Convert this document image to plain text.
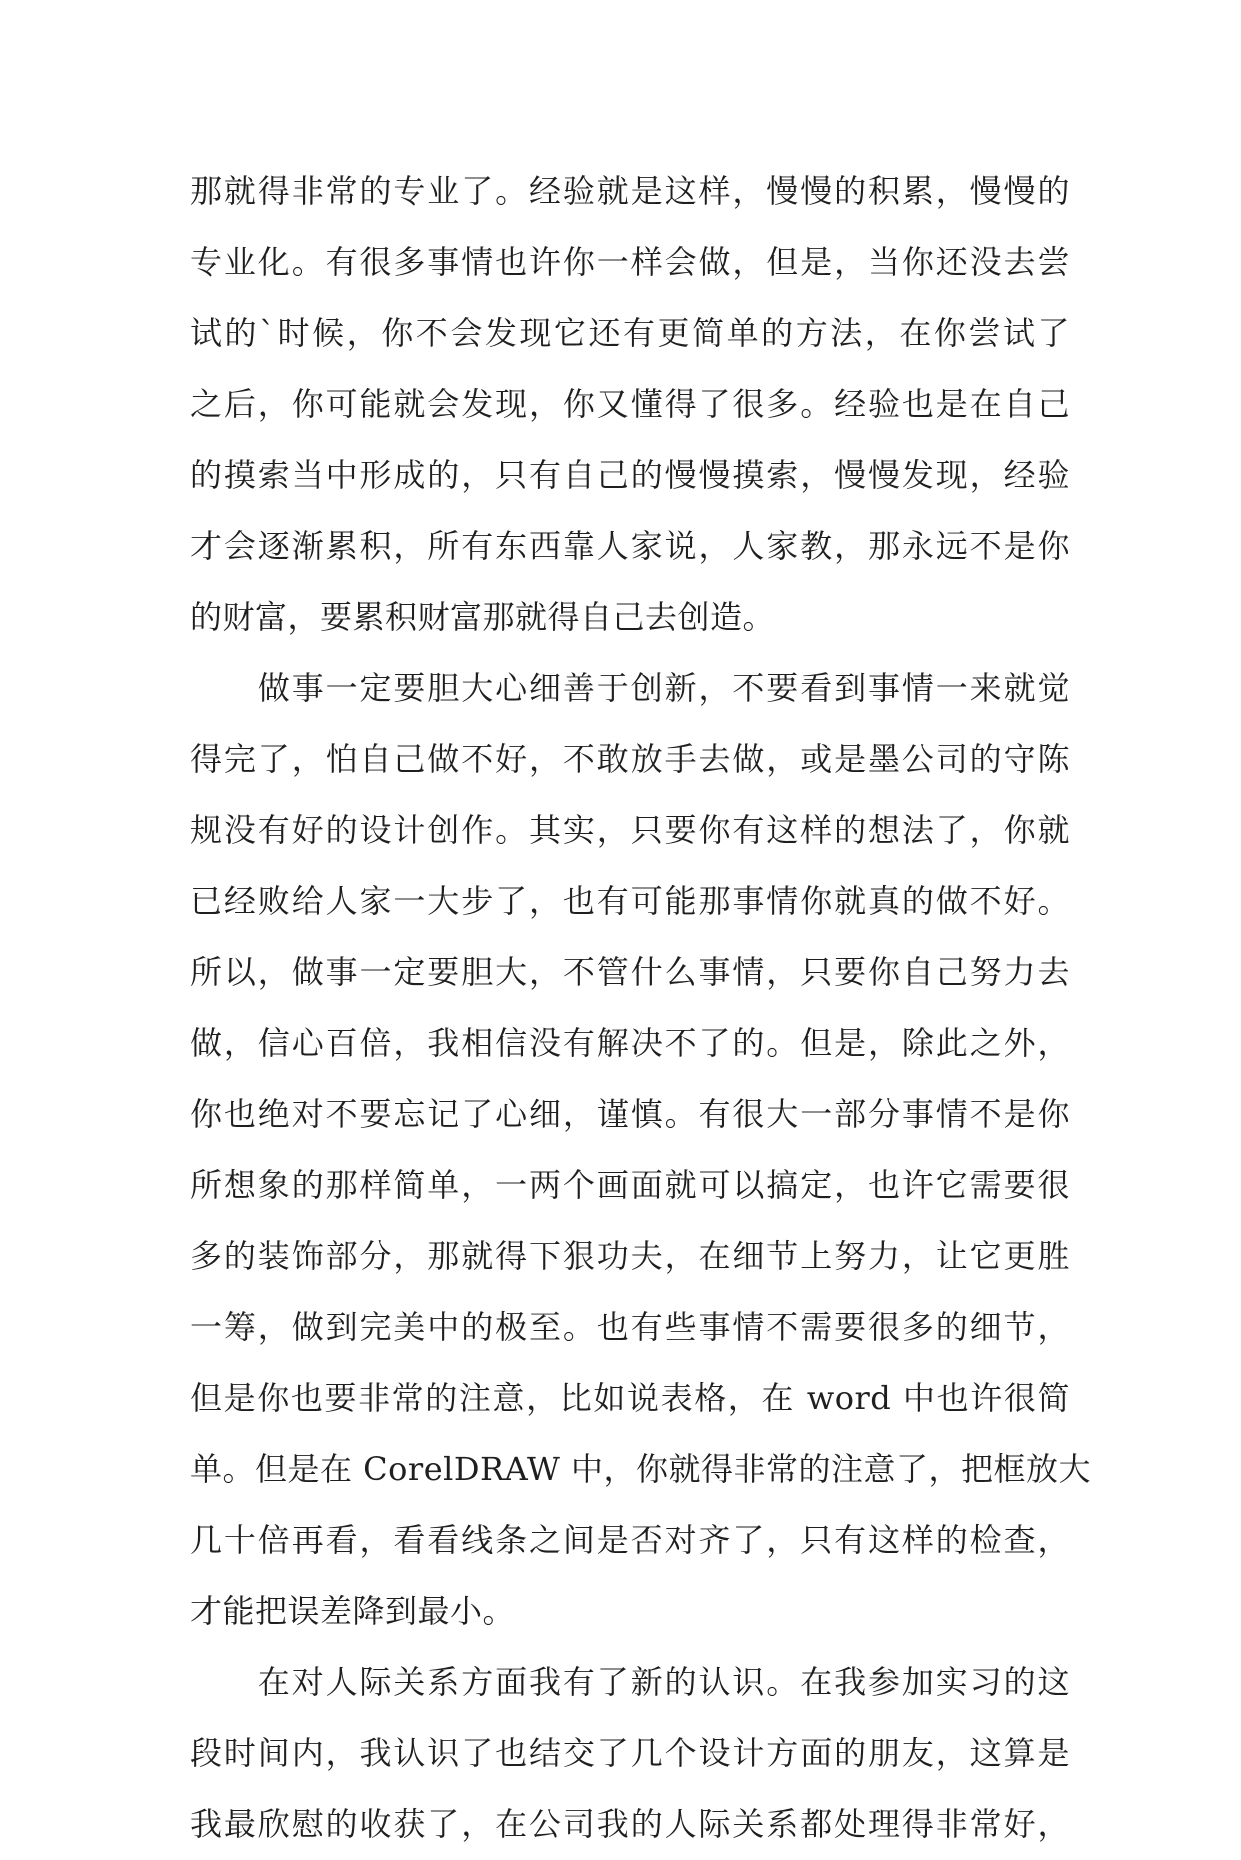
那就得非常的专业了。经验就是这样，慢慢的积累，慢慢的
专业化。有很多事情也许你一样会做，但是，当你还没去尝
试的`时候，你不会发现它还有更简单的方法，在你尝试了
之后，你可能就会发现，你又懂得了很多。经验也是在自己
的摸索当中形成的，只有自己的慢慢摸索，慢慢发现，经验
才会逐渐累积，所有东西靠人家说，人家教，那永远不是你
的财富，要累积财富那就得自己去创造。
　　做事一定要胆大心细善于创新，不要看到事情一来就觉
得完了，怕自己做不好，不敢放手去做，或是墨公司的守陈
规没有好的设计创作。其实，只要你有这样的想法了，你就
已经败给人家一大步了，也有可能那事情你就真的做不好。
所以，做事一定要胆大，不管什么事情，只要你自己努力去
做，信心百倍，我相信没有解决不了的。但是，除此之外，
你也绝对不要忘记了心细，谨慎。有很大一部分事情不是你
所想象的那样简单，一两个画面就可以搞定，也许它需要很
多的装饰部分，那就得下狠功夫，在细节上努力，让它更胜
一筹，做到完美中的极至。也有些事情不需要很多的细节，
但是你也要非常的注意，比如说表格，在 word 中也许很简
单。但是在 CorelDRAW 中，你就得非常的注意了，把框放大
几十倍再看，看看线条之间是否对齐了，只有这样的检查，
才能把误差降到最小。
　　在对人际关系方面我有了新的认识。在我参加实习的这
段时间内，我认识了也结交了几个设计方面的朋友，这算是
我最欣慰的收获了，在公司我的人际关系都处理得非常好，
